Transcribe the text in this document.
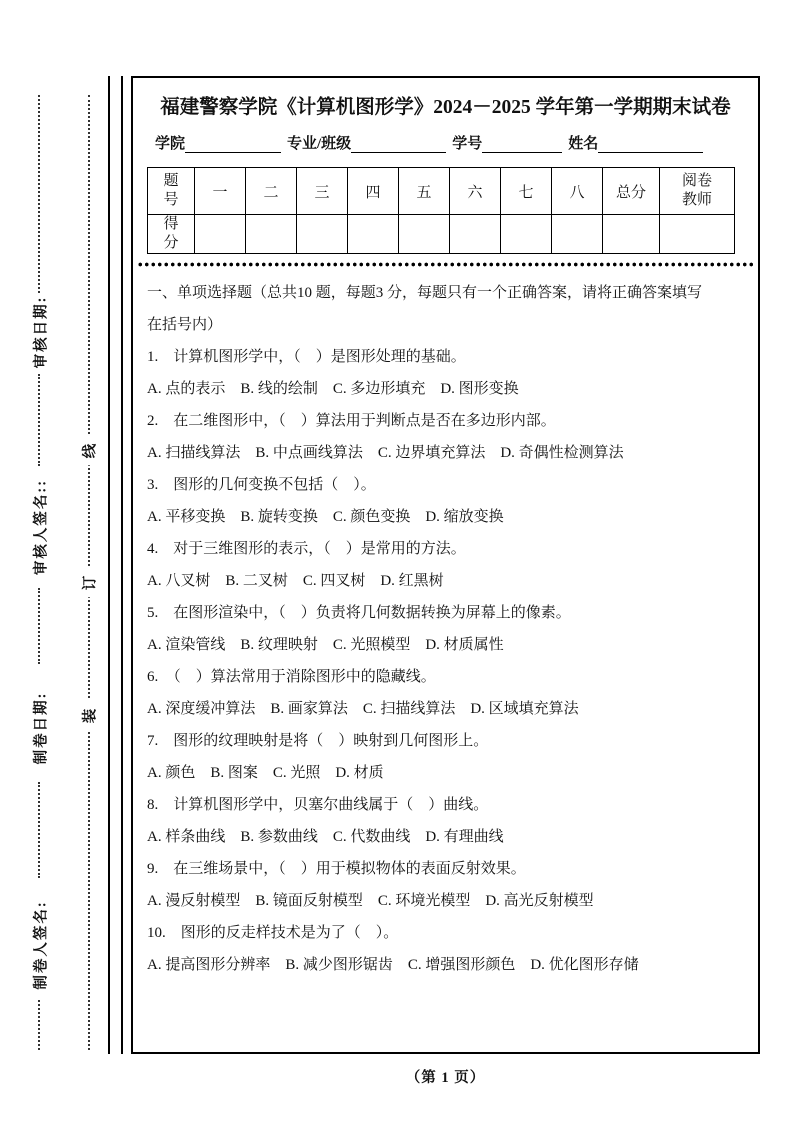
审核日期:
审核人签名::
制卷日期:
制卷人签名:
线
订
装
福建警察学院《计算机图形学》2024－2025 学年第一学期期末试卷
学院	专业/班级	学号	姓名
题号	一	二	三	四	五	六	七	八	总分	阅卷教师
得分										

一、单项选择题（总共10 题，每题3 分，每题只有一个正确答案，请将正确答案填写在括号内）

1.　计算机图形学中，（　）是图形处理的基础。

A. 点的表示　B. 线的绘制　C. 多边形填充　D. 图形变换

2.　在二维图形中，（　）算法用于判断点是否在多边形内部。

A. 扫描线算法　B. 中点画线算法　C. 边界填充算法　D. 奇偶性检测算法

3.　图形的几何变换不包括（　）。

A. 平移变换　B. 旋转变换　C. 颜色变换　D. 缩放变换

4.　对于三维图形的表示，（　）是常用的方法。

A. 八叉树　B. 二叉树　C. 四叉树　D. 红黑树

5.　在图形渲染中，（　）负责将几何数据转换为屏幕上的像素。

A. 渲染管线　B. 纹理映射　C. 光照模型　D. 材质属性

6.　（　）算法常用于消除图形中的隐藏线。

A. 深度缓冲算法　B. 画家算法　C. 扫描线算法　D. 区域填充算法

7.　图形的纹理映射是将（　）映射到几何图形上。

A. 颜色　B. 图案　C. 光照　D. 材质

8.　计算机图形学中，贝塞尔曲线属于（　）曲线。

A. 样条曲线　B. 参数曲线　C. 代数曲线　D. 有理曲线

9.　在三维场景中，（　）用于模拟物体的表面反射效果。

A. 漫反射模型　B. 镜面反射模型　C. 环境光模型　D. 高光反射模型

10.　图形的反走样技术是为了（　）。

A. 提高图形分辨率　B. 减少图形锯齿　C. 增强图形颜色　D. 优化图形存储

（第 1 页）
